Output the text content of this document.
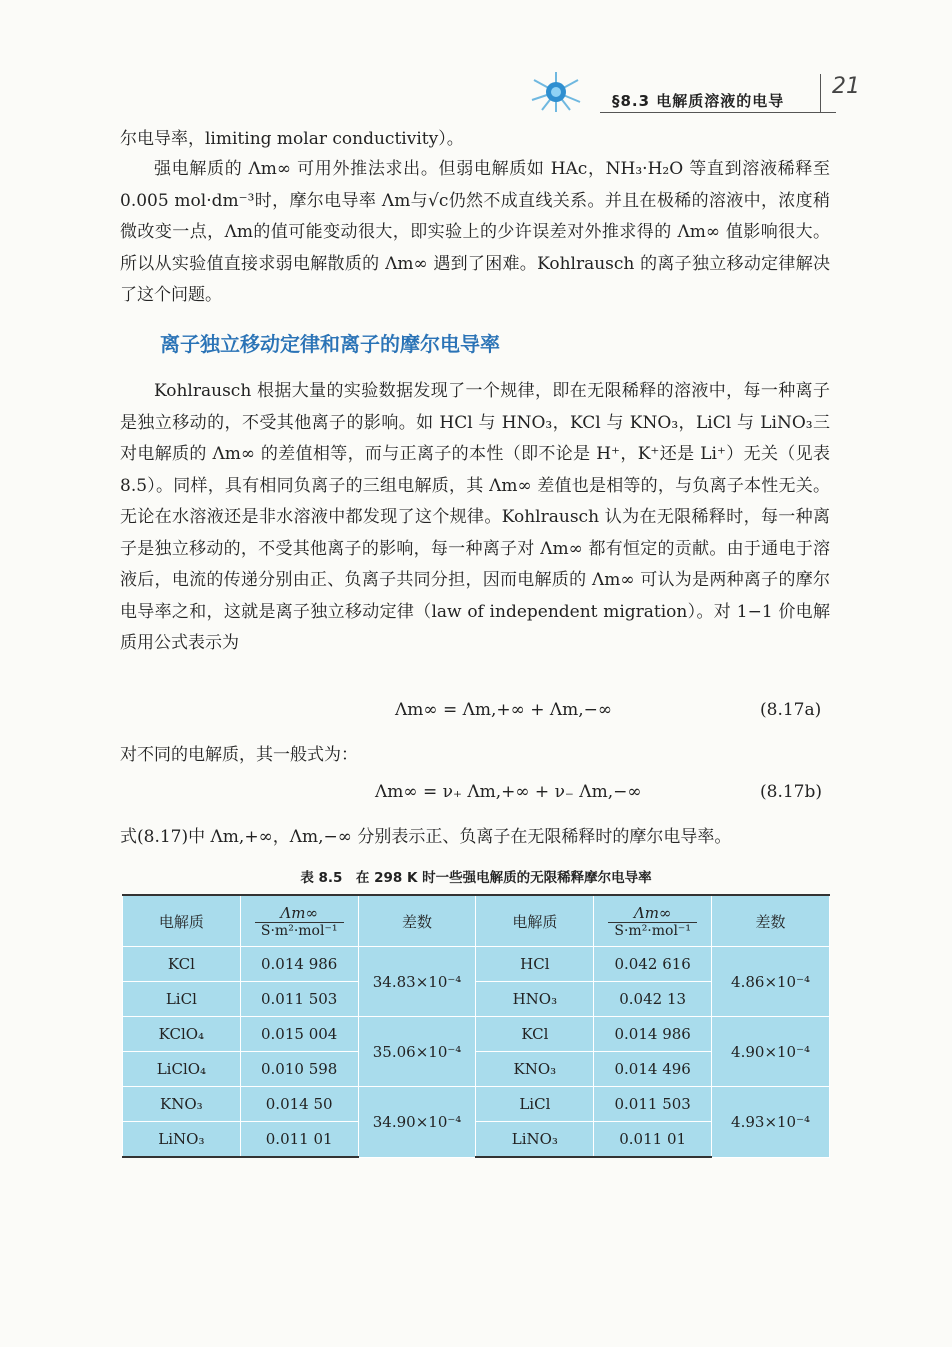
§8.3 电解质溶液的电导
21

尔电导率，limiting molar conductivity）。

强电解质的 Λm∞ 可用外推法求出。但弱电解质如 HAc，NH₃·H₂O 等直到溶液稀释至 0.005 mol·dm⁻³时，摩尔电导率 Λm与√c仍然不成直线关系。并且在极稀的溶液中，浓度稍微改变一点，Λm的值可能变动很大，即实验上的少许误差对外推求得的 Λm∞ 值影响很大。所以从实验值直接求弱电解散质的 Λm∞ 遇到了困难。Kohlrausch 的离子独立移动定律解决了这个问题。

离子独立移动定律和离子的摩尔电导率

Kohlrausch 根据大量的实验数据发现了一个规律，即在无限稀释的溶液中，每一种离子是独立移动的，不受其他离子的影响。如 HCl 与 HNO₃，KCl 与 KNO₃，LiCl 与 LiNO₃三对电解质的 Λm∞ 的差值相等，而与正离子的本性（即不论是 H⁺，K⁺还是 Li⁺）无关（见表 8.5）。同样，具有相同负离子的三组电解质，其 Λm∞ 差值也是相等的，与负离子本性无关。无论在水溶液还是非水溶液中都发现了这个规律。Kohlrausch 认为在无限稀释时，每一种离子是独立移动的，不受其他离子的影响，每一种离子对 Λm∞ 都有恒定的贡献。由于通电于溶液后，电流的传递分别由正、负离子共同分担，因而电解质的 Λm∞ 可认为是两种离子的摩尔电导率之和，这就是离子独立移动定律（law of independent migration）。对 1−1 价电解质用公式表示为

Λm∞ = Λm,+∞ + Λm,−∞	(8.17a)

对不同的电解质，其一般式为：

Λm∞ = ν₊ Λm,+∞ + ν₋ Λm,−∞	(8.17b)

式(8.17)中 Λm,+∞，Λm,−∞ 分别表示正、负离子在无限稀释时的摩尔电导率。

表 8.5　在 298 K 时一些强电解质的无限稀释摩尔电导率
电解质	Λm∞
S·m²·mol⁻¹	差数	电解质	Λm∞
S·m²·mol⁻¹	差数
KCl	0.014 986	34.83×10⁻⁴	HCl	0.042 616	4.86×10⁻⁴
LiCl	0.011 503		HNO₃	0.042 13	
KClO₄	0.015 004	35.06×10⁻⁴	KCl	0.014 986	4.90×10⁻⁴
LiClO₄	0.010 598		KNO₃	0.014 496	
KNO₃	0.014 50	34.90×10⁻⁴	LiCl	0.011 503	4.93×10⁻⁴
LiNO₃	0.011 01		LiNO₃	0.011 01	
